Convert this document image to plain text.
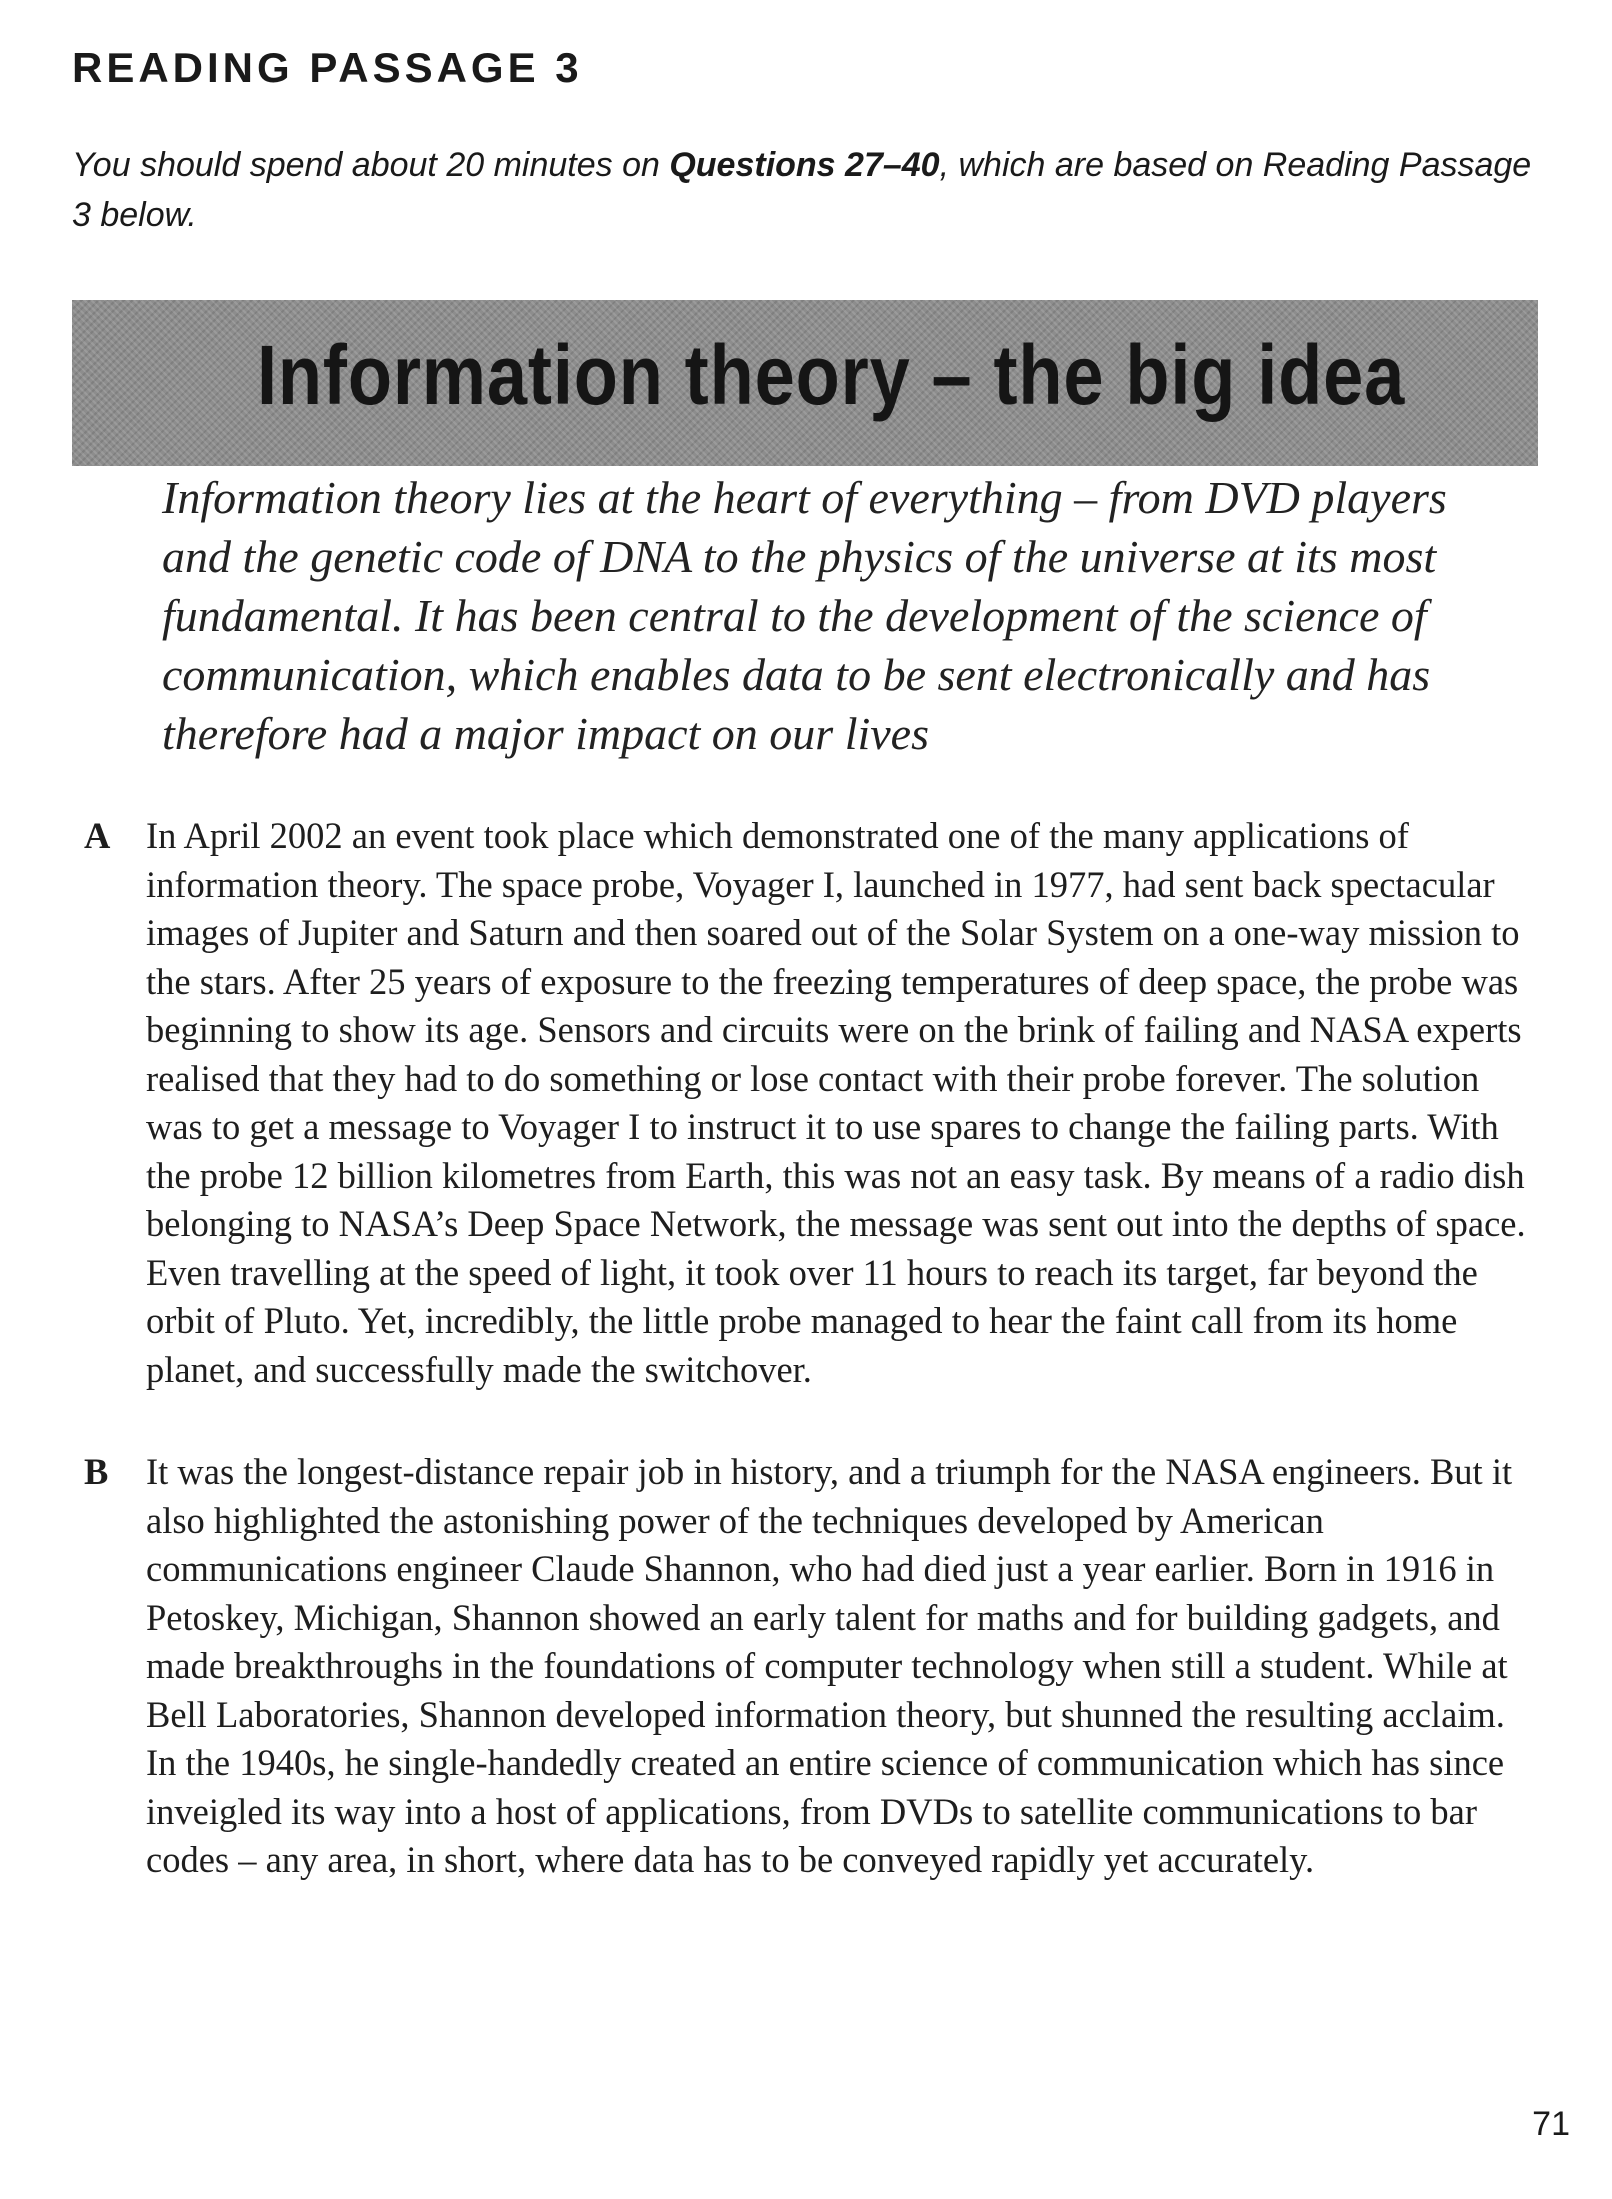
READING PASSAGE 3

You should spend about 20 minutes on Questions 27–40, which are based on Reading Passage 3 below.

Information theory – the big idea

Information theory lies at the heart of everything – from DVD players and the genetic code of DNA to the physics of the universe at its most fundamental. It has been central to the development of the science of communication, which enables data to be sent electronically and has therefore had a major impact on our lives

A In April 2002 an event took place which demonstrated one of the many applications of information theory. The space probe, Voyager I, launched in 1977, had sent back spectacular images of Jupiter and Saturn and then soared out of the Solar System on a one-way mission to the stars. After 25 years of exposure to the freezing temperatures of deep space, the probe was beginning to show its age. Sensors and circuits were on the brink of failing and NASA experts realised that they had to do something or lose contact with their probe forever. The solution was to get a message to Voyager I to instruct it to use spares to change the failing parts. With the probe 12 billion kilometres from Earth, this was not an easy task. By means of a radio dish belonging to NASA’s Deep Space Network, the message was sent out into the depths of space. Even travelling at the speed of light, it took over 11 hours to reach its target, far beyond the orbit of Pluto. Yet, incredibly, the little probe managed to hear the faint call from its home planet, and successfully made the switchover.

B	It was the longest-distance repair job in history, and a triumph for the NASA engineers. But it also highlighted the astonishing power of the techniques developed by American communications engineer Claude Shannon, who had died just a year earlier. Born in 1916 in Petoskey, Michigan, Shannon showed an early talent for maths and for building gadgets, and made breakthroughs in the foundations of computer technology when still a student. While at Bell Laboratories, Shannon developed information theory, but shunned the resulting acclaim. In the 1940s, he single-handedly created an entire science of communication which has since inveigled its way into a host of applications, from DVDs to satellite communications to bar codes – any area, in short, where data has to be conveyed rapidly yet accurately.

71
